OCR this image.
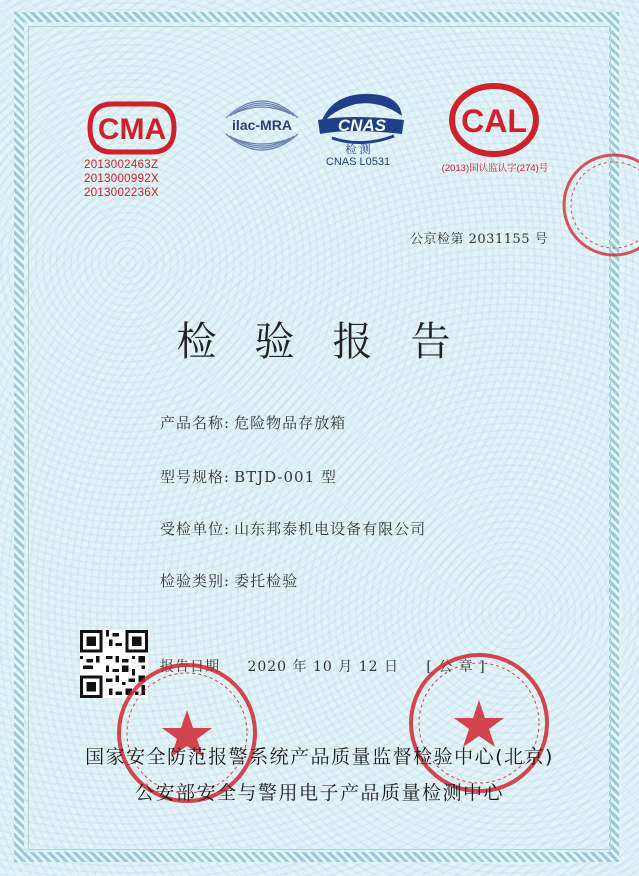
CMA
2013002463Z
2013000992X
2013002236X
ilac-MRA	CNAS
检 测
CNAS L0531
CAL
(2013)国认监认字(274)号
公京检第 2031155 号
检验报告
产品名称: 危险物品存放箱
型号规格: BTJD-001 型
受检单位: 山东邦泰机电设备有限公司
检验类别: 委托检验
报告日期 2020 年 10 月 12 日 [ 公 章 ]
国家安全防范报警系统产品质量监督检验中心(北京)
公安部安全与警用电子产品质量检测中心
